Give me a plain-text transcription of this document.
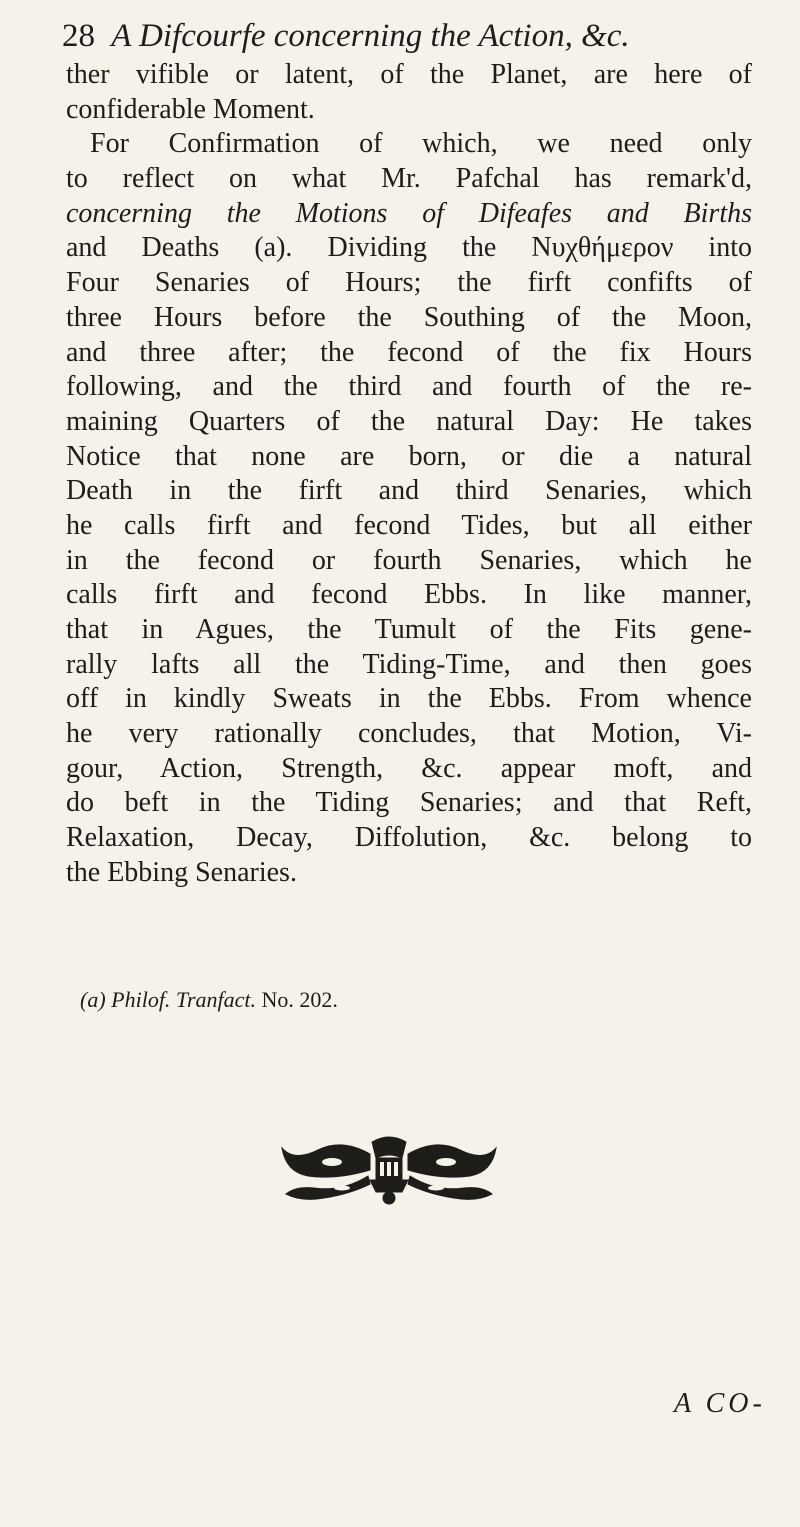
28 A Difcourfe concerning the Action, &c.
ther vifible or latent, of the Planet, are here of
confiderable Moment.
For Confirmation of which, we need only
to reflect on what Mr. Pafchal has remark'd,
concerning the Motions of Difeafes and Births
and Deaths (a). Dividing the Νυχθήμερον into
Four Senaries of Hours; the firft confifts of
three Hours before the Southing of the Moon,
and three after; the fecond of the fix Hours
following, and the third and fourth of the re-
maining Quarters of the natural Day: He takes
Notice that none are born, or die a natural
Death in the firft and third Senaries, which
he calls firft and fecond Tides, but all either
in the fecond or fourth Senaries, which he
calls firft and fecond Ebbs. In like manner,
that in Agues, the Tumult of the Fits gene-
rally lafts all the Tiding-Time, and then goes
off in kindly Sweats in the Ebbs. From whence
he very rationally concludes, that Motion, Vi-
gour, Action, Strength, &c. appear moft, and
do beft in the Tiding Senaries; and that Reft,
Relaxation, Decay, Diffolution, &c. belong to
the Ebbing Senaries.
(a) Philof. Tranfact. No. 202.
A CO-
